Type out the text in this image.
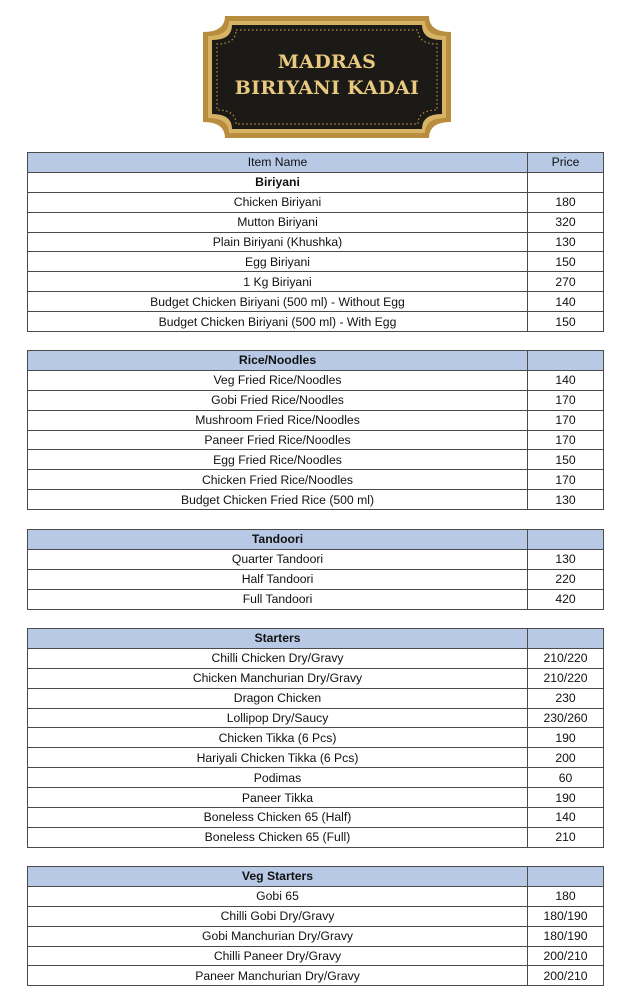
MADRAS
BIRIYANI KADAI
Item Name	Price
Biriyani	
Chicken Biriyani	180
Mutton Biriyani	320
Plain Biriyani (Khushka)	130
Egg Biriyani	150
1 Kg Biriyani	270
Budget Chicken Biriyani (500 ml) - Without Egg	140
Budget Chicken Biriyani (500 ml) - With Egg	150
Rice/Noodles	
Veg Fried Rice/Noodles	140
Gobi Fried Rice/Noodles	170
Mushroom Fried Rice/Noodles	170
Paneer Fried Rice/Noodles	170
Egg Fried Rice/Noodles	150
Chicken Fried Rice/Noodles	170
Budget Chicken Fried Rice (500 ml)	130
Tandoori	
Quarter Tandoori	130
Half Tandoori	220
Full Tandoori	420
Starters	
Chilli Chicken Dry/Gravy	210/220
Chicken Manchurian Dry/Gravy	210/220
Dragon Chicken	230
Lollipop Dry/Saucy	230/260
Chicken Tikka (6 Pcs)	190
Hariyali Chicken Tikka (6 Pcs)	200
Podimas	60
Paneer Tikka	190
Boneless Chicken 65 (Half)	140
Boneless Chicken 65 (Full)	210
Veg Starters	
Gobi 65	180
Chilli Gobi Dry/Gravy	180/190
Gobi Manchurian Dry/Gravy	180/190
Chilli Paneer Dry/Gravy	200/210
Paneer Manchurian Dry/Gravy	200/210
